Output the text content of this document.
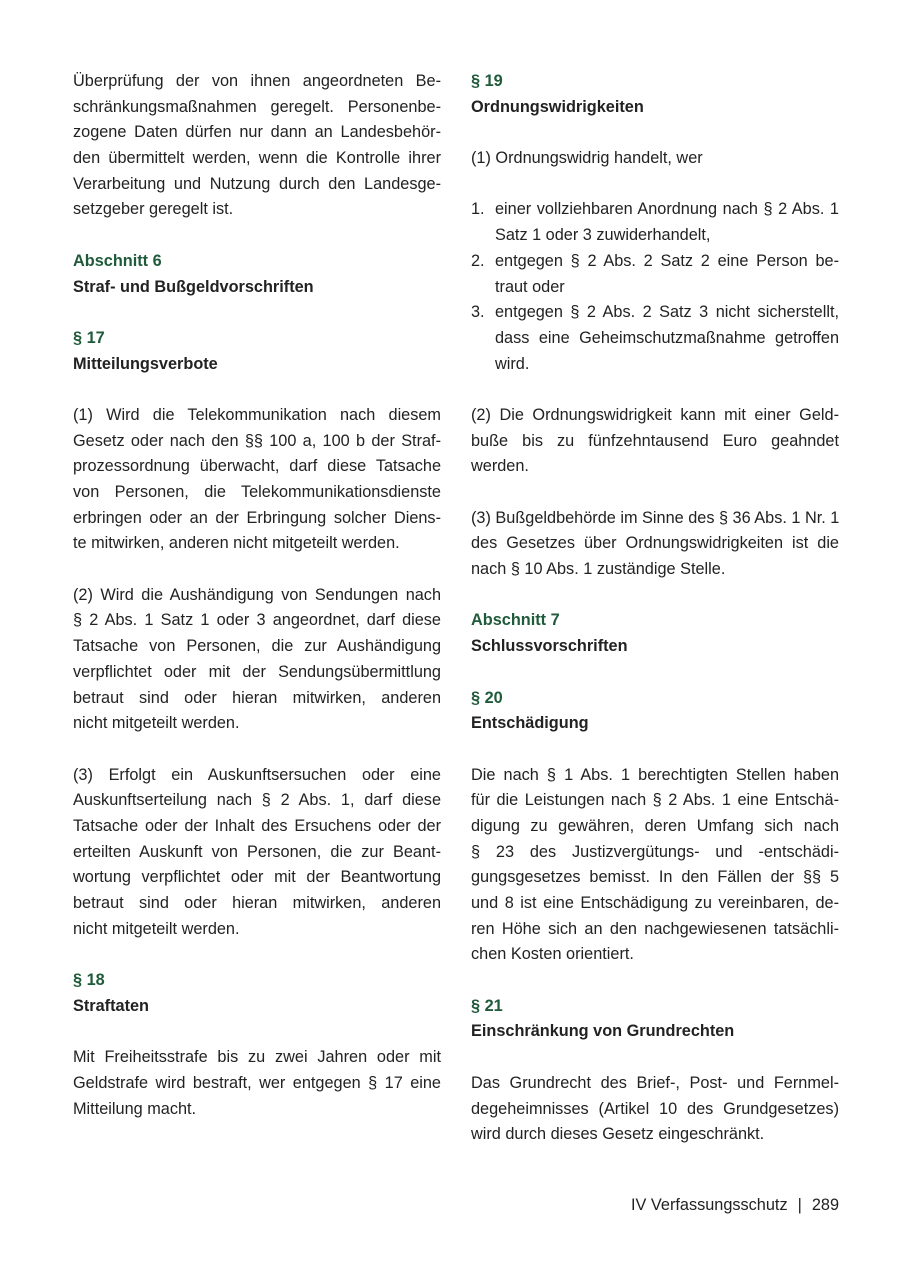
Überprüfung der von ihnen angeordneten Be-
schränkungsmaßnahmen geregelt. Personenbe-
zogene Daten dürfen nur dann an Landesbehör-
den übermittelt werden, wenn die Kontrolle ihrer
Verarbeitung und Nutzung durch den Landesge-
setzgeber geregelt ist.
Abschnitt 6
Straf- und Bußgeldvorschriften
§ 17
Mitteilungsverbote
(1) Wird die Telekommunikation nach diesem
Gesetz oder nach den §§ 100 a, 100 b der Straf-
prozessordnung überwacht, darf diese Tatsache
von Personen, die Telekommunikationsdienste
erbringen oder an der Erbringung solcher Diens-
te mitwirken, anderen nicht mitgeteilt werden.
(2) Wird die Aushändigung von Sendungen nach
§ 2 Abs. 1 Satz 1 oder 3 angeordnet, darf diese
Tatsache von Personen, die zur Aushändigung
verpflichtet oder mit der Sendungsübermittlung
betraut sind oder hieran mitwirken, anderen
nicht mitgeteilt werden.
(3) Erfolgt ein Auskunftsersuchen oder eine
Auskunftserteilung nach § 2 Abs. 1, darf diese
Tatsache oder der Inhalt des Ersuchens oder der
erteilten Auskunft von Personen, die zur Beant-
wortung verpflichtet oder mit der Beantwortung
betraut sind oder hieran mitwirken, anderen
nicht mitgeteilt werden.
§ 18
Straftaten
Mit Freiheitsstrafe bis zu zwei Jahren oder mit
Geldstrafe wird bestraft, wer entgegen § 17 eine
Mitteilung macht.
§ 19
Ordnungswidrigkeiten
(1) Ordnungswidrig handelt, wer
1. einer vollziehbaren Anordnung nach § 2 Abs. 1
Satz 1 oder 3 zuwiderhandelt,
2. entgegen § 2 Abs. 2 Satz 2 eine Person be-
traut oder
3. entgegen § 2 Abs. 2 Satz 3 nicht sicherstellt,
dass eine Geheimschutzmaßnahme getroffen
wird.
(2) Die Ordnungswidrigkeit kann mit einer Geld-
buße bis zu fünfzehntausend Euro geahndet
werden.
(3) Bußgeldbehörde im Sinne des § 36 Abs. 1 Nr. 1
des Gesetzes über Ordnungswidrigkeiten ist die
nach § 10 Abs. 1 zuständige Stelle.
Abschnitt 7
Schlussvorschriften
§ 20
Entschädigung
Die nach § 1 Abs. 1 berechtigten Stellen haben
für die Leistungen nach § 2 Abs. 1 eine Entschä-
digung zu gewähren, deren Umfang sich nach
§ 23 des Justizvergütungs- und -entschädi-
gungsgesetzes bemisst. In den Fällen der §§ 5
und 8 ist eine Entschädigung zu vereinbaren, de-
ren Höhe sich an den nachgewiesenen tatsächli-
chen Kosten orientiert.
§ 21
Einschränkung von Grundrechten
Das Grundrecht des Brief-, Post- und Fernmel-
degeheimnisses (Artikel 10 des Grundgesetzes)
wird durch dieses Gesetz eingeschränkt.
IV Verfassungsschutz | 289
